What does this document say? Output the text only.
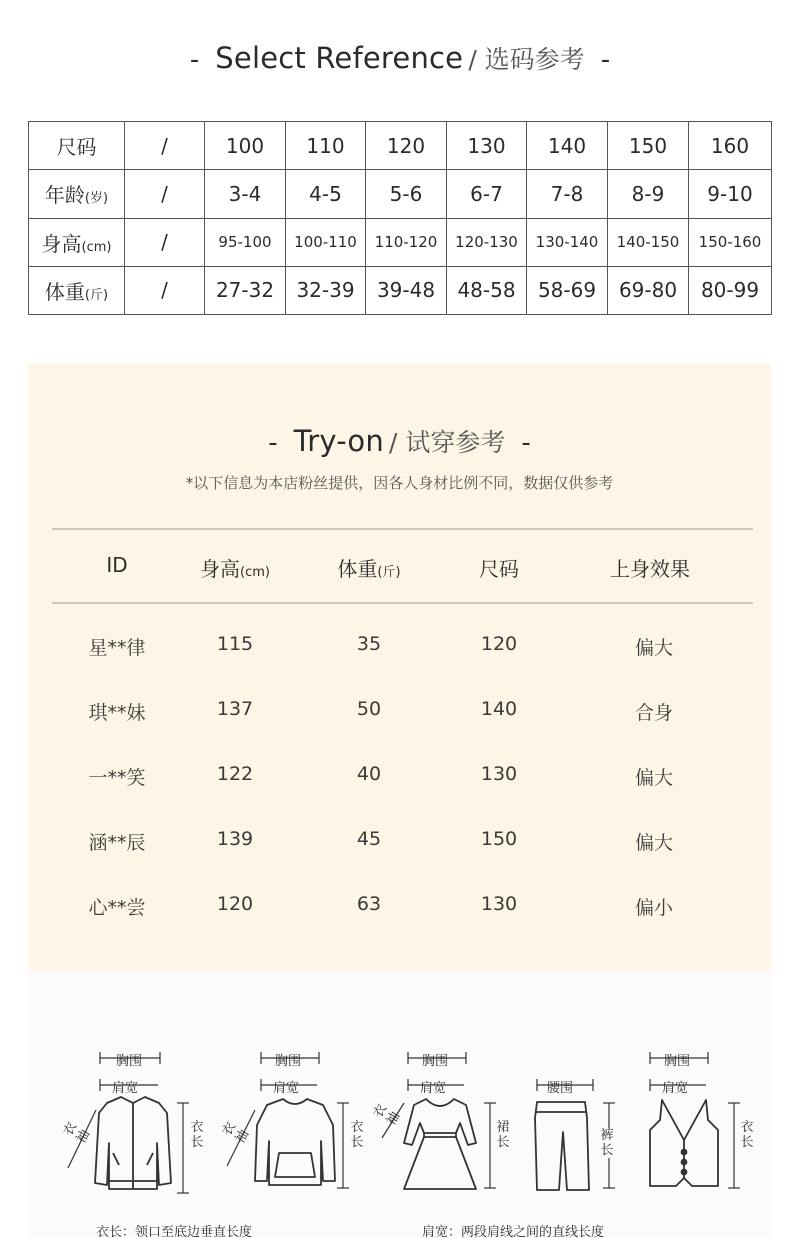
- Select Reference / 选码参考 -
尺码	/	100	110	120	130	140	150	160
年龄(岁)	/	3-4	4-5	5-6	6-7	7-8	8-9	9-10
身高(cm)	/	95-100	100-110	110-120	120-130	130-140	140-150	150-160
体重(斤)	/	27-32	32-39	39-48	48-58	58-69	69-80	80-99
- Try-on / 试穿参考 -
*以下信息为本店粉丝提供，因各人身材比例不同，数据仅供参考
ID	身高(cm)	体重(斤)	尺码	上身效果
星**律	115	35	120	偏大
琪**妹	137	50	140	合身
一**笑	122	40	130	偏大
涵**辰	139	45	150	偏大
心**尝	120	63	130	偏小
胸围
肩宽
衣袖	衣长
胸围
肩宽
衣袖	衣长
胸围
肩宽
衣袖	裙长
腰围
裤长
胸围
肩宽
衣长
衣长：领口至底边垂直长度	肩宽：两段肩线之间的直线长度
